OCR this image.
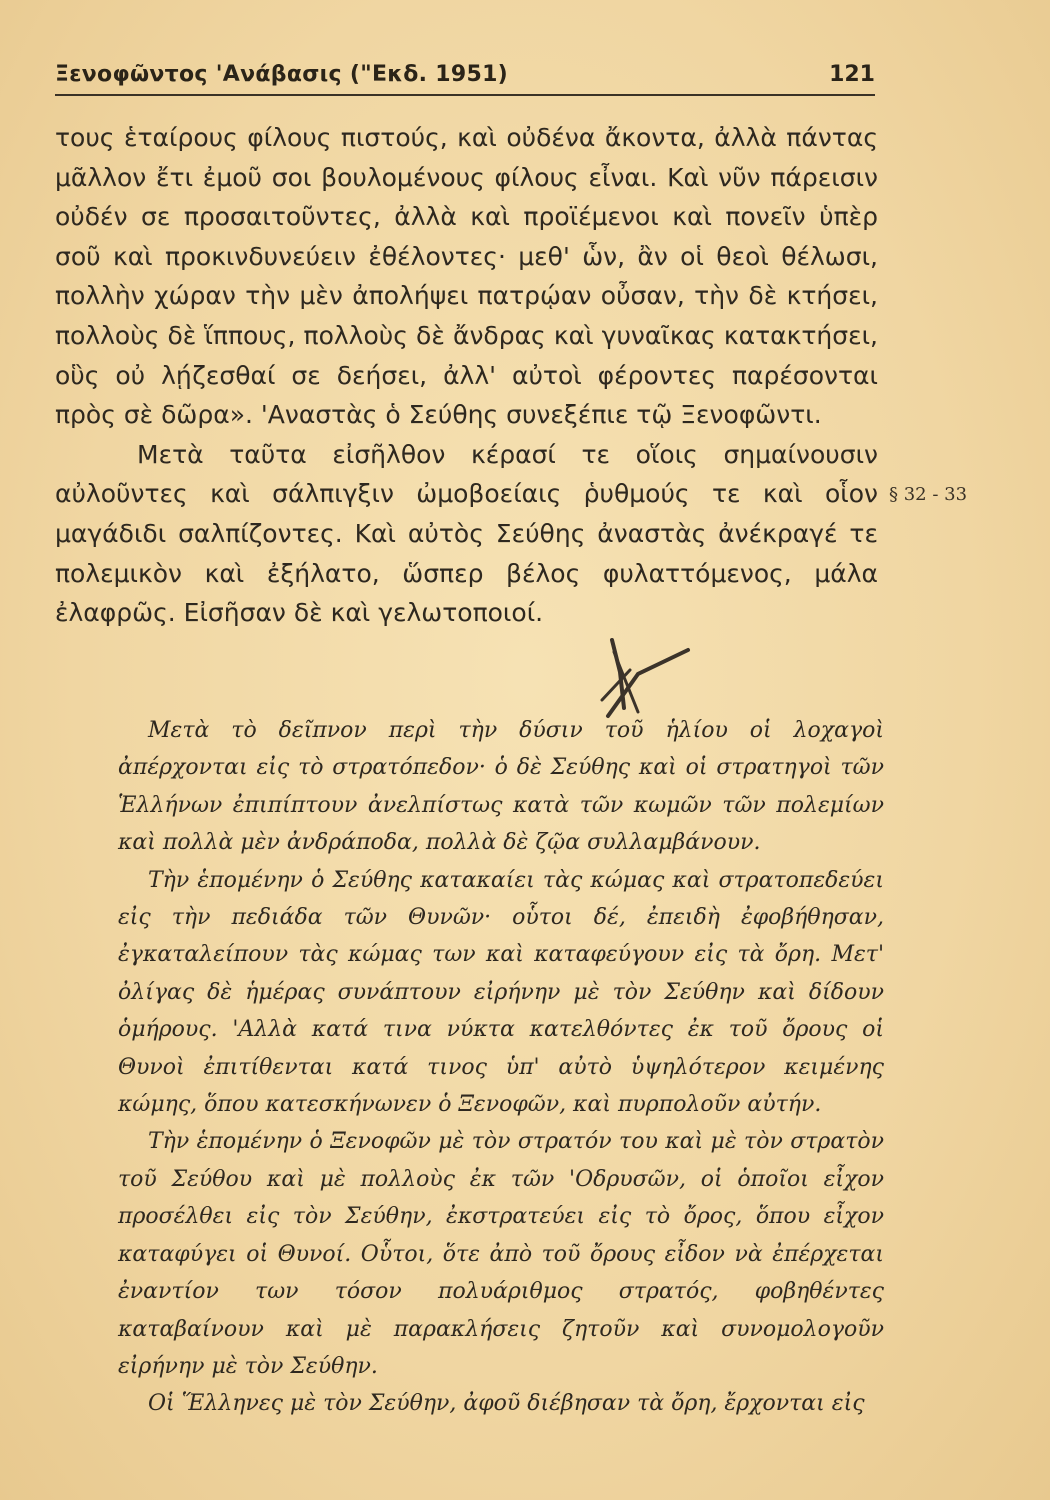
Ξενοφῶντος 'Ανάβασις ("Εκδ. 1951)	121

τους ἑταίρους φίλους πιστούς, καὶ οὐδένα ἄκοντα, ἀλλὰ πάντας μᾶλλον ἔτι ἐμοῦ σοι βουλομένους φίλους εἶναι. Καὶ νῦν πάρεισιν οὐδέν σε προσαιτοῦντες, ἀλλὰ καὶ προϊέμενοι καὶ πονεῖν ὑπὲρ σοῦ καὶ προκινδυνεύειν ἐθέλοντες· μεθ' ὧν, ἂν οἱ θεοὶ θέλωσι, πολλὴν χώραν τὴν μὲν ἀπολήψει πατρῴαν οὖσαν, τὴν δὲ κτήσει, πολλοὺς δὲ ἵππους, πολλοὺς δὲ ἄνδρας καὶ γυναῖκας κατακτήσει, οὓς οὐ λῄζεσθαί σε δεήσει, ἀλλ' αὐτοὶ φέροντες παρέσονται πρὸς σὲ δῶρα». 'Αναστὰς ὁ Σεύθης συνεξέπιε τῷ Ξενοφῶντι.

Μετὰ ταῦτα εἰσῆλθον κέρασί τε οἵοις σημαίνουσιν αὐλοῦντες καὶ σάλπιγξιν ὠμοβοείαις ῥυθμούς τε καὶ οἷον μαγάδιδι σαλπίζοντες. Καὶ αὐτὸς Σεύθης ἀναστὰς ἀνέκραγέ τε πολεμικὸν καὶ ἐξήλατο, ὥσπερ βέλος φυλαττόμενος, μάλα ἐλαφρῶς. Εἰσῆσαν δὲ καὶ γελωτοποιοί.

§ 32 - 33

Μετὰ τὸ δεῖπνον περὶ τὴν δύσιν τοῦ ἡλίου οἱ λοχαγοὶ ἀπέρχονται εἰς τὸ στρατόπεδον· ὁ δὲ Σεύθης καὶ οἱ στρατηγοὶ τῶν Ἑλλήνων ἐπιπίπτουν ἀνελπίστως κατὰ τῶν κωμῶν τῶν πολεμίων καὶ πολλὰ μὲν ἀνδράποδα, πολλὰ δὲ ζῷα συλλαμβάνουν.

Τὴν ἑπομένην ὁ Σεύθης κατακαίει τὰς κώμας καὶ στρατοπεδεύει εἰς τὴν πεδιάδα τῶν Θυνῶν· οὗτοι δέ, ἐπειδὴ ἐφοβήθησαν, ἐγκαταλείπουν τὰς κώμας των καὶ καταφεύγουν εἰς τὰ ὄρη. Μετ' ὀλίγας δὲ ἡμέρας συνάπτουν εἰρήνην μὲ τὸν Σεύθην καὶ δίδουν ὁμήρους. 'Αλλὰ κατά τινα νύκτα κατελθόντες ἐκ τοῦ ὄρους οἱ Θυνοὶ ἐπιτίθενται κατά τινος ὑπ' αὐτὸ ὑψηλότερον κειμένης κώμης, ὅπου κατεσκήνωνεν ὁ Ξενοφῶν, καὶ πυρπολοῦν αὐτήν.

Τὴν ἑπομένην ὁ Ξενοφῶν μὲ τὸν στρατόν του καὶ μὲ τὸν στρατὸν τοῦ Σεύθου καὶ μὲ πολλοὺς ἐκ τῶν 'Οδρυσῶν, οἱ ὁποῖοι εἶχον προσέλθει εἰς τὸν Σεύθην, ἐκστρατεύει εἰς τὸ ὄρος, ὅπου εἶχον καταφύγει οἱ Θυνοί. Οὗτοι, ὅτε ἀπὸ τοῦ ὄρους εἶδον νὰ ἐπέρχεται ἐναντίον των τόσον πολυάριθμος στρατός, φοβηθέντες καταβαίνουν καὶ μὲ παρακλήσεις ζητοῦν καὶ συνομολογοῦν εἰρήνην μὲ τὸν Σεύθην.

Οἱ Ἕλληνες μὲ τὸν Σεύθην, ἀφοῦ διέβησαν τὰ ὄρη, ἔρχονται εἰς
